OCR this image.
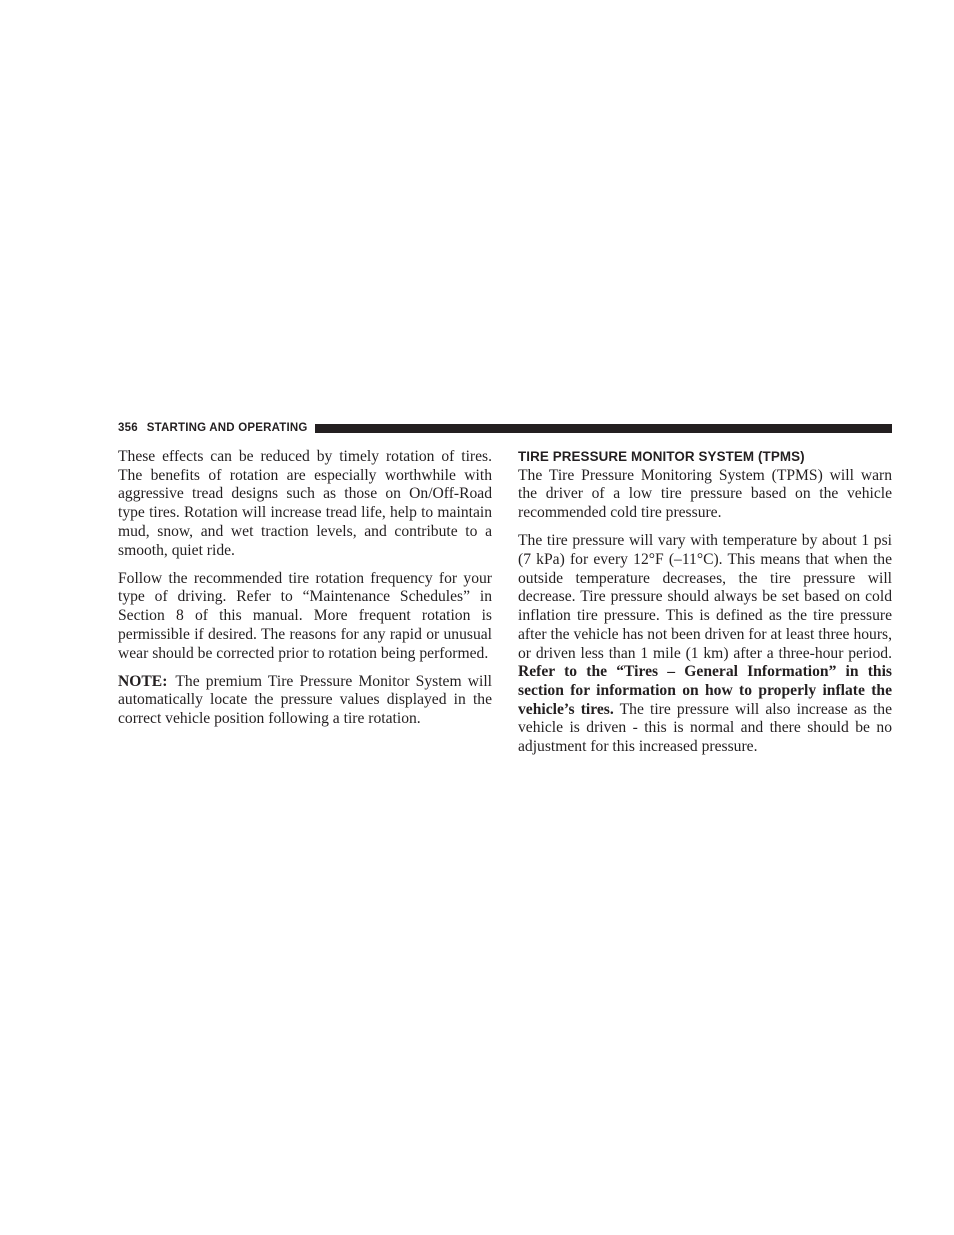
356 STARTING AND OPERATING

These effects can be reduced by timely rotation of tires. The benefits of rotation are especially worthwhile with aggressive tread designs such as those on On/Off-Road type tires. Rotation will increase tread life, help to maintain mud, snow, and wet traction levels, and contribute to a smooth, quiet ride.

Follow the recommended tire rotation frequency for your type of driving. Refer to “Maintenance Schedules” in Section 8 of this manual. More frequent rotation is permissible if desired. The reasons for any rapid or unusual wear should be corrected prior to rotation being performed.

NOTE: The premium Tire Pressure Monitor System will automatically locate the pressure values displayed in the correct vehicle position following a tire rotation.

TIRE PRESSURE MONITOR SYSTEM (TPMS)

The Tire Pressure Monitoring System (TPMS) will warn the driver of a low tire pressure based on the vehicle recommended cold tire pressure.

The tire pressure will vary with temperature by about 1 psi (7 kPa) for every 12°F (–11°C). This means that when the outside temperature decreases, the tire pressure will decrease. Tire pressure should always be set based on cold inflation tire pressure. This is defined as the tire pressure after the vehicle has not been driven for at least three hours, or driven less than 1 mile (1 km) after a three-hour period. Refer to the “Tires – General Information” in this section for information on how to properly inflate the vehicle’s tires. The tire pressure will also increase as the vehicle is driven - this is normal and there should be no adjustment for this increased pressure.
